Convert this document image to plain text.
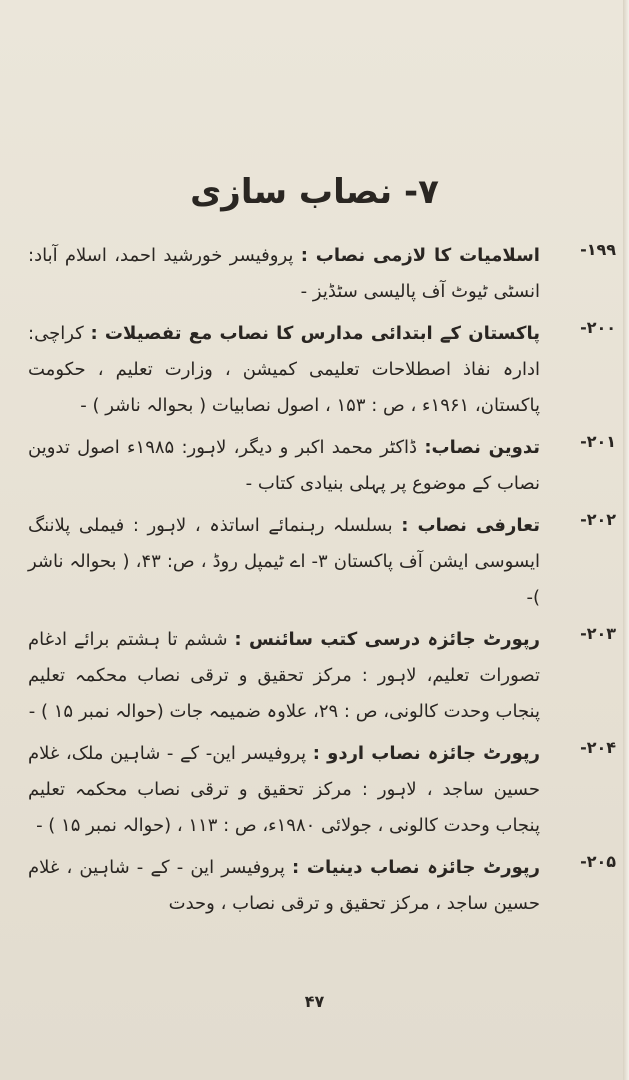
۷- نصاب سازی
۱۹۹-
اسلامیات کا لازمی نصاب : پروفیسر خورشید احمد، اسلام آباد: انسٹی ٹیوٹ آف پالیسی سٹڈیز -
۲۰۰-
پاکستان کے ابتدائی مدارس کا نصاب مع تفصیلات : کراچی: ادارہ نفاذ اصطلاحات تعلیمی کمیشن ، وزارت تعلیم ، حکومت پاکستان، ۱۹۶۱ء ، ص : ۱۵۳ ، اصول نصابیات ( بحوالہ ناشر ) -
۲۰۱-
تدوین نصاب: ڈاکٹر محمد اکبر و دیگر، لاہور: ۱۹۸۵ء اصول تدوین نصاب کے موضوع پر پہلی بنیادی کتاب -
۲۰۲-
تعارفی نصاب : بسلسلہ رہنمائے اساتذہ ، لاہور : فیملی پلاننگ ایسوسی ایشن آف پاکستان ۳- اے ٹیمپل روڈ ، ص: ۴۳، ( بحوالہ ناشر )-
۲۰۳-
رپورٹ جائزہ درسی کتب سائنس : ششم تا ہشتم برائے ادغام تصورات تعلیم، لاہور : مرکز تحقیق و ترقی نصاب محکمہ تعلیم پنجاب وحدت کالونی، ص : ۲۹، علاوہ ضمیمہ جات (حوالہ نمبر ۱۵ ) -
۲۰۴-
رپورٹ جائزہ نصاب اردو : پروفیسر این- کے - شاہین ملک، غلام حسین ساجد ، لاہور : مرکز تحقیق و ترقی نصاب محکمہ تعلیم پنجاب وحدت کالونی ، جولائی ۱۹۸۰ء، ص : ۱۱۳ ، (حوالہ نمبر ۱۵ ) -
۲۰۵-
رپورٹ جائزہ نصاب دینیات : پروفیسر این - کے - شاہین ، غلام حسین ساجد ، مرکز تحقیق و ترقی نصاب ، وحدت
۴۷
